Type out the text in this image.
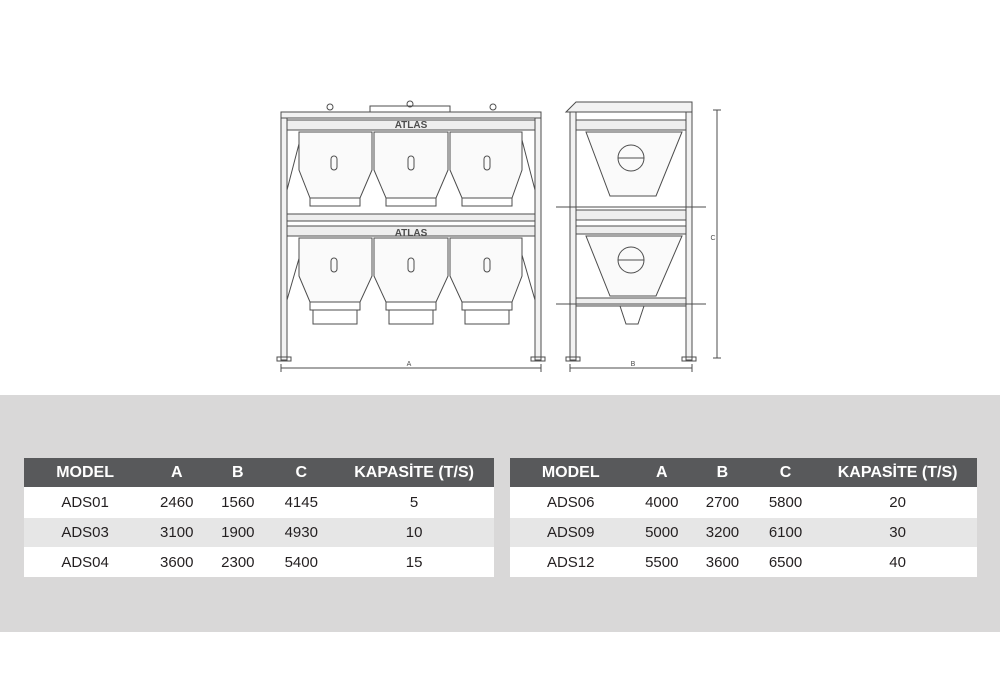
ATLAS
ATLAS
A	B
C
MODEL	A	B	C	KAPASİTE (T/S)
ADS01	2460	1560	4145	5
ADS03	3100	1900	4930	10
ADS04	3600	2300	5400	15
MODEL	A	B	C	KAPASİTE (T/S)
ADS06	4000	2700	5800	20
ADS09	5000	3200	6100	30
ADS12	5500	3600	6500	40
